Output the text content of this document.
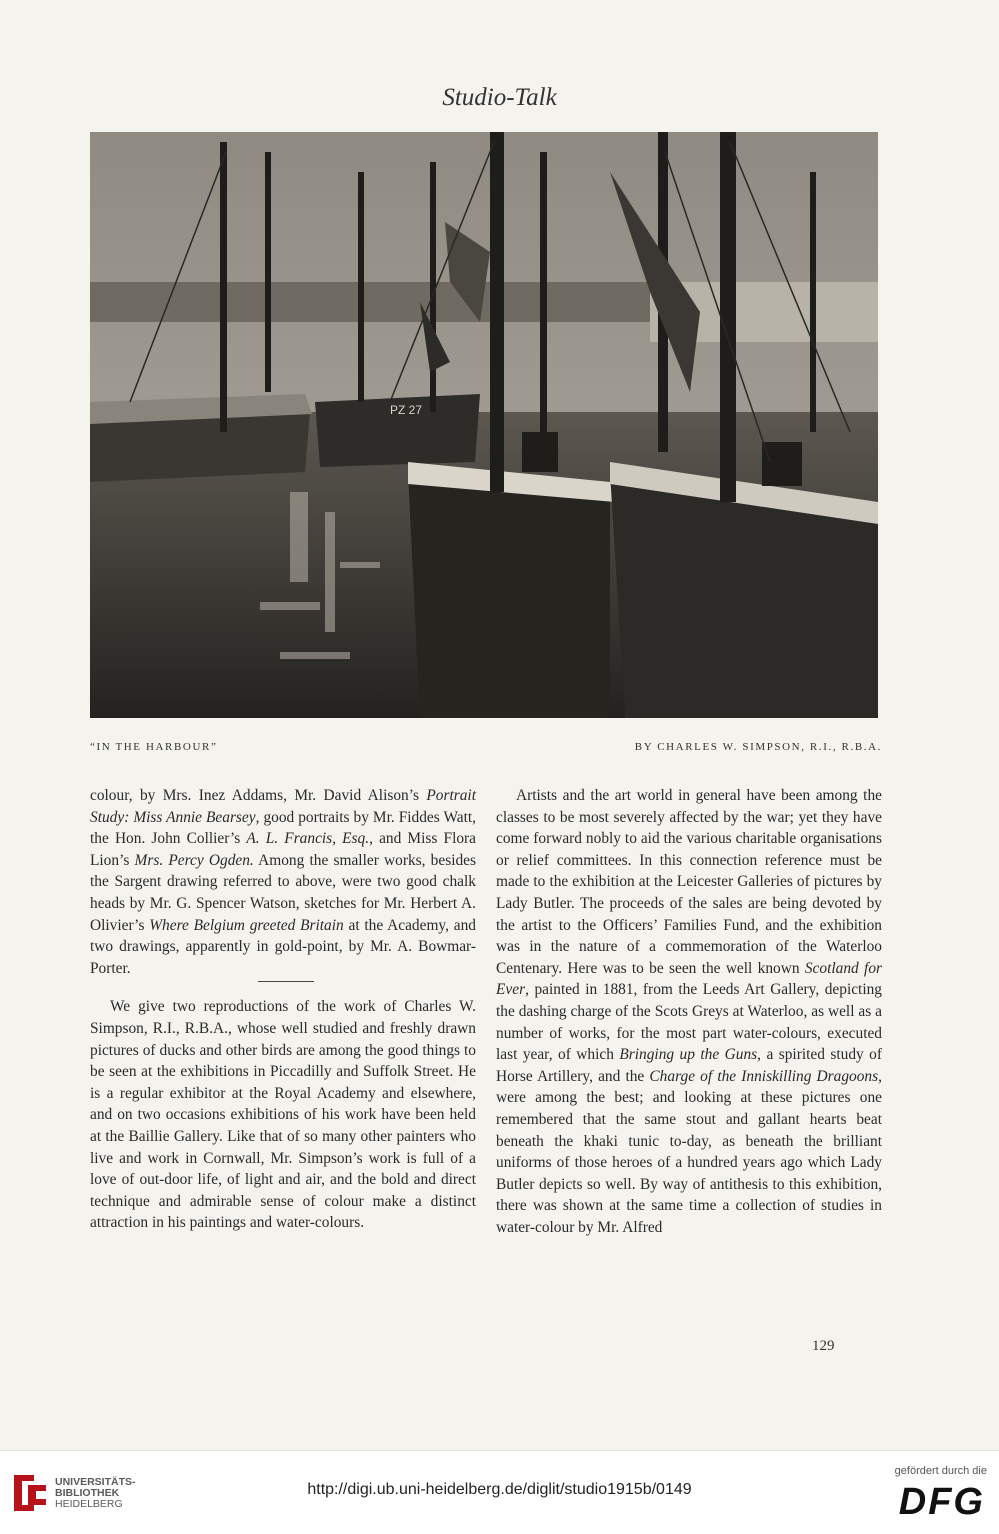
Studio-Talk
PZ 27
“IN THE HARBOUR”	BY CHARLES W. SIMPSON, R.I., R.B.A.

colour, by Mrs. Inez Addams, Mr. David Alison’s Portrait Study: Miss Annie Bearsey, good portraits by Mr. Fiddes Watt, the Hon. John Collier’s A. L. Francis, Esq., and Miss Flora Lion’s Mrs. Percy Ogden. Among the smaller works, besides the Sargent drawing referred to above, were two good chalk heads by Mr. G. Spencer Watson, sketches for Mr. Herbert A. Olivier’s Where Belgium greeted Britain at the Academy, and two drawings, apparently in gold-point, by Mr. A. Bowmar-Porter.

We give two reproductions of the work of Charles W. Simpson, R.I., R.B.A., whose well studied and freshly drawn pictures of ducks and other birds are among the good things to be seen at the exhibitions in Piccadilly and Suffolk Street. He is a regular exhibitor at the Royal Academy and elsewhere, and on two occasions exhibitions of his work have been held at the Baillie Gallery. Like that of so many other painters who live and work in Cornwall, Mr. Simpson’s work is full of a love of out-door life, of light and air, and the bold and direct technique and admirable sense of colour make a distinct attraction in his paintings and water-colours.

Artists and the art world in general have been among the classes to be most severely affected by the war; yet they have come forward nobly to aid the various charitable organisations or relief committees. In this connection reference must be made to the exhibition at the Leicester Galleries of pictures by Lady Butler. The proceeds of the sales are being devoted by the artist to the Officers’ Families Fund, and the exhibition was in the nature of a commemoration of the Waterloo Centenary. Here was to be seen the well known Scotland for Ever, painted in 1881, from the Leeds Art Gallery, depicting the dashing charge of the Scots Greys at Waterloo, as well as a number of works, for the most part water-colours, executed last year, of which Bringing up the Guns, a spirited study of Horse Artillery, and the Charge of the Inniskilling Dragoons, were among the best; and looking at these pictures one remembered that the same stout and gallant hearts beat beneath the khaki tunic to-day, as beneath the brilliant uniforms of those heroes of a hundred years ago which Lady Butler depicts so well. By way of antithesis to this exhibition, there was shown at the same time a collection of studies in water-colour by Mr. Alfred

129
UNIVERSITÄTS-
BIBLIOTHEK
HEIDELBERG
http://digi.ub.uni-heidelberg.de/diglit/studio1915b/0149
gefördert durch die
DFG
